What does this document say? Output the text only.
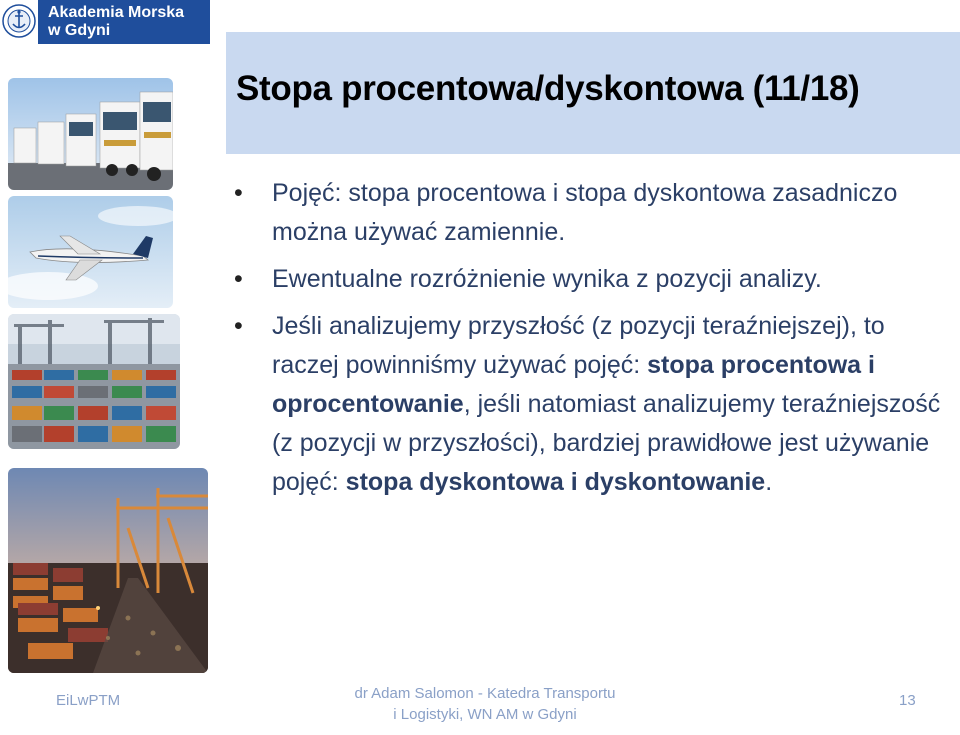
Akademia Morska
w Gdyni
Stopa procentowa/dyskontowa (11/18)
• Pojęć: stopa procentowa i stopa dyskontowa zasadniczo można używać zamiennie.
• Ewentualne rozróżnienie wynika z pozycji analizy.
• Jeśli analizujemy przyszłość (z pozycji teraźniejszej), to raczej powinniśmy używać pojęć: stopa procentowa i oprocentowanie, jeśli natomiast analizujemy teraźniejszość (z pozycji w przyszłości), bardziej prawidłowe jest używanie pojęć: stopa dyskontowa i dyskontowanie.
EiLwPTM	dr Adam Salomon - Katedra Transportu
i Logistyki, WN AM w Gdyni
13
